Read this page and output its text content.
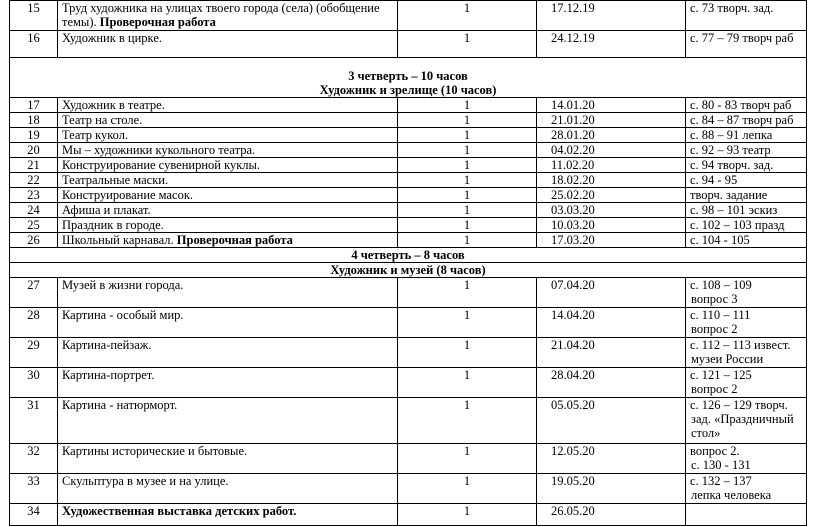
15	Труд художника на улицах твоего города (села) (обобщение темы). Проверочная работа	1	17.12.19	с. 73 творч. зад.

16	Художник в цирке.	1	24.12.19	с. 77 – 79 творч раб

3 четверть – 10 часов
Художник и зрелище (10 часов)				

17	Художник в театре.	1	14.01.20	с. 80 - 83 творч раб

18	Театр на столе.	1	21.01.20	с. 84 – 87 творч раб

19	Театр кукол.	1	28.01.20	с. 88 – 91 лепка

20	Мы – художники кукольного театра.	1	04.02.20	с. 92 – 93 театр

21	Конструирование сувенирной куклы.	1	11.02.20	с. 94 творч. зад.

22	Театральные маски.	1	18.02.20	с. 94 - 95

23	Конструирование масок.	1	25.02.20	творч. задание

24	Афиша и плакат.	1	03.03.20	с. 98 – 101 эскиз

25	Праздник в городе.	1	10.03.20	с. 102 – 103 празд

26	Школьный карнавал. Проверочная работа	1	17.03.20	с. 104 - 105

4 четверть – 8 часов				
Художник и музей (8 часов)				
27	Музей в жизни города.	1	07.04.20	с. 108 – 109
вопрос 3

28	Картина - особый мир.	1	14.04.20	с. 110 – 111
вопрос 2

29	Картина-пейзаж.	1	21.04.20	с. 112 – 113 извест.
музеи России

30	Картина-портрет.	1	28.04.20	с. 121 – 125
вопрос 2

31	Картина - натюрморт.	1	05.05.20	с. 126 – 129 творч.
зад. «Праздничный
стол»

32	Картины исторические и бытовые.	1	12.05.20	вопрос 2.
с. 130 - 131

33	Скульптура в музее и на улице.	1	19.05.20	с. 132 – 137
лепка человека

34	Художественная выставка детских работ.	1	26.05.20	
